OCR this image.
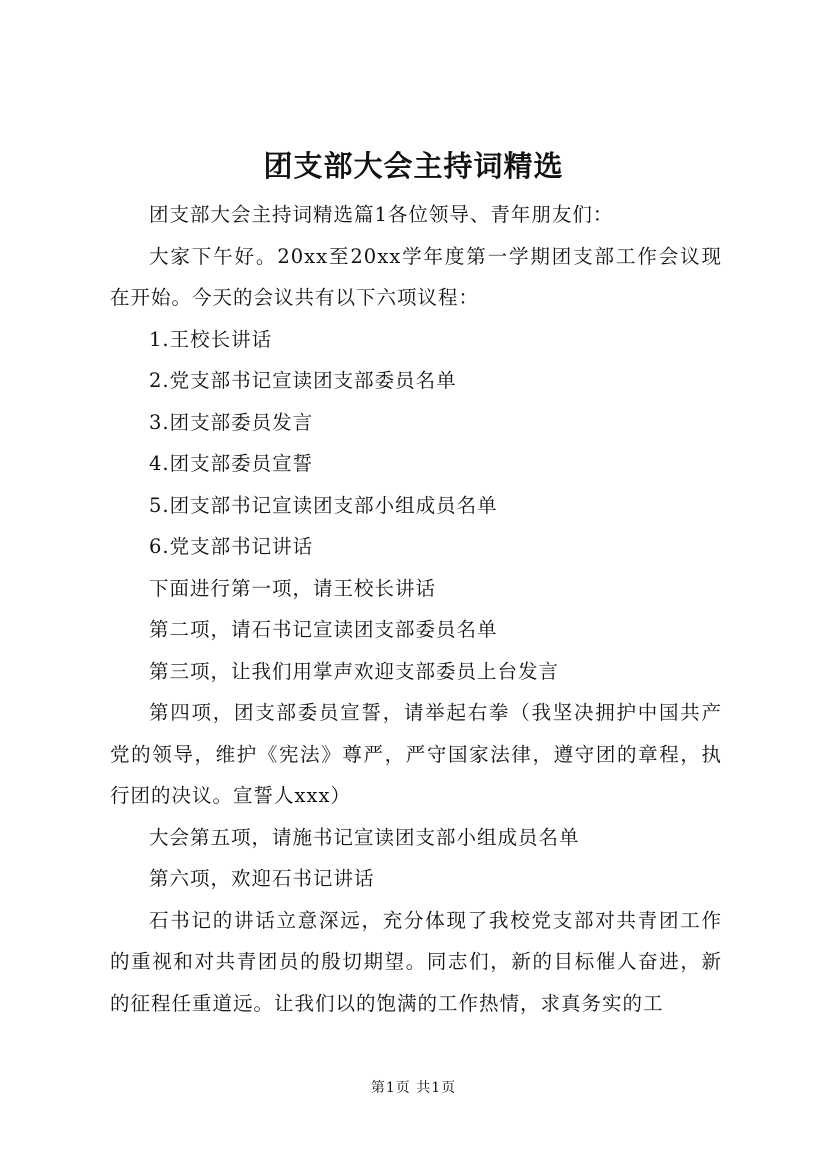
团支部大会主持词精选

团支部大会主持词精选篇1各位领导、青年朋友们：

大家下午好。20xx至20xx学年度第一学期团支部工作会议现在开始。今天的会议共有以下六项议程：

1.王校长讲话

2.党支部书记宣读团支部委员名单

3.团支部委员发言

4.团支部委员宣誓

5.团支部书记宣读团支部小组成员名单

6.党支部书记讲话

下面进行第一项，请王校长讲话

第二项，请石书记宣读团支部委员名单

第三项，让我们用掌声欢迎支部委员上台发言

第四项，团支部委员宣誓，请举起右拳（我坚决拥护中国共产党的领导，维护《宪法》尊严，严守国家法律，遵守团的章程，执行团的决议。宣誓人xxx）

大会第五项，请施书记宣读团支部小组成员名单

第六项，欢迎石书记讲话

石书记的讲话立意深远，充分体现了我校党支部对共青团工作的重视和对共青团员的殷切期望。同志们，新的目标催人奋进，新的征程任重道远。让我们以的饱满的工作热情，求真务实的工

第1页 共1页
